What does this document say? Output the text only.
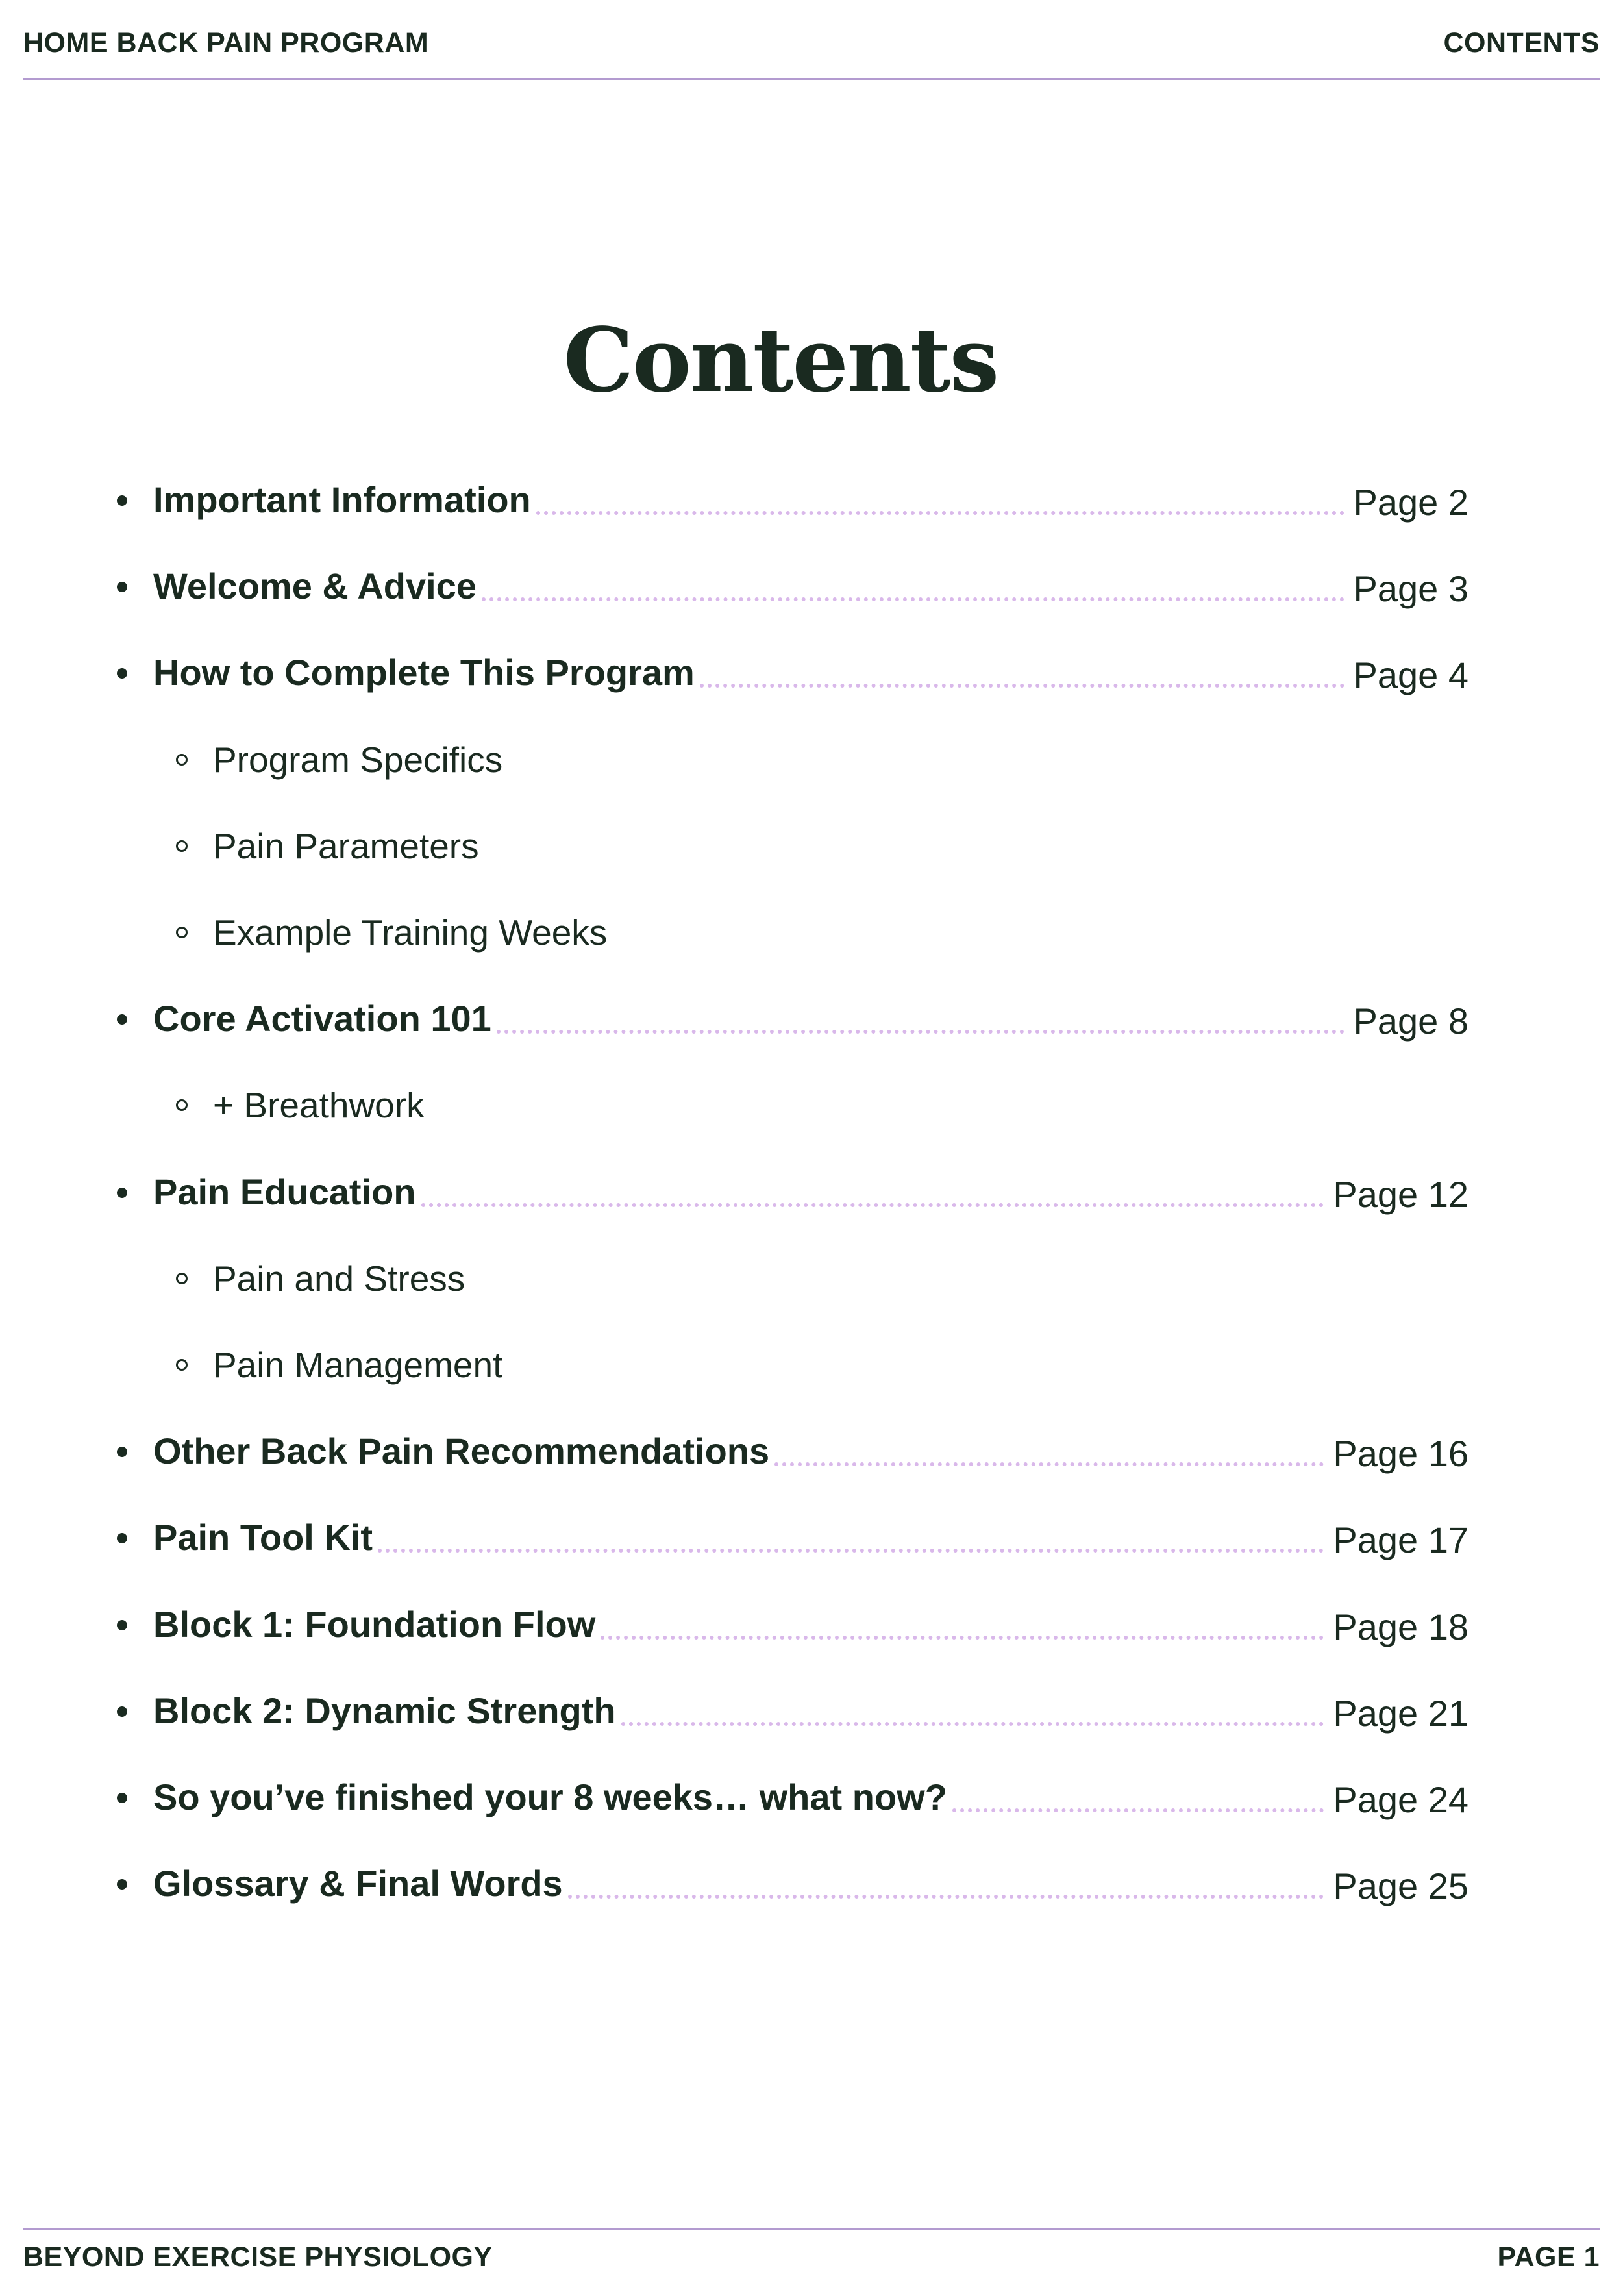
HOME BACK PAIN PROGRAM	CONTENTS
Contents
Important Information	Page 2
Welcome & Advice	Page 3
How to Complete This Program	Page 4
Program Specifics
Pain Parameters
Example Training Weeks
Core Activation 101	Page 8
+ Breathwork
Pain Education	Page 12
Pain and Stress
Pain Management
Other Back Pain Recommendations	Page 16
Pain Tool Kit	Page 17
Block 1: Foundation Flow	Page 18
Block 2: Dynamic Strength	Page 21
So you’ve finished your 8 weeks… what now?	Page 24
Glossary & Final Words	Page 25
BEYOND EXERCISE PHYSIOLOGY	PAGE 1
